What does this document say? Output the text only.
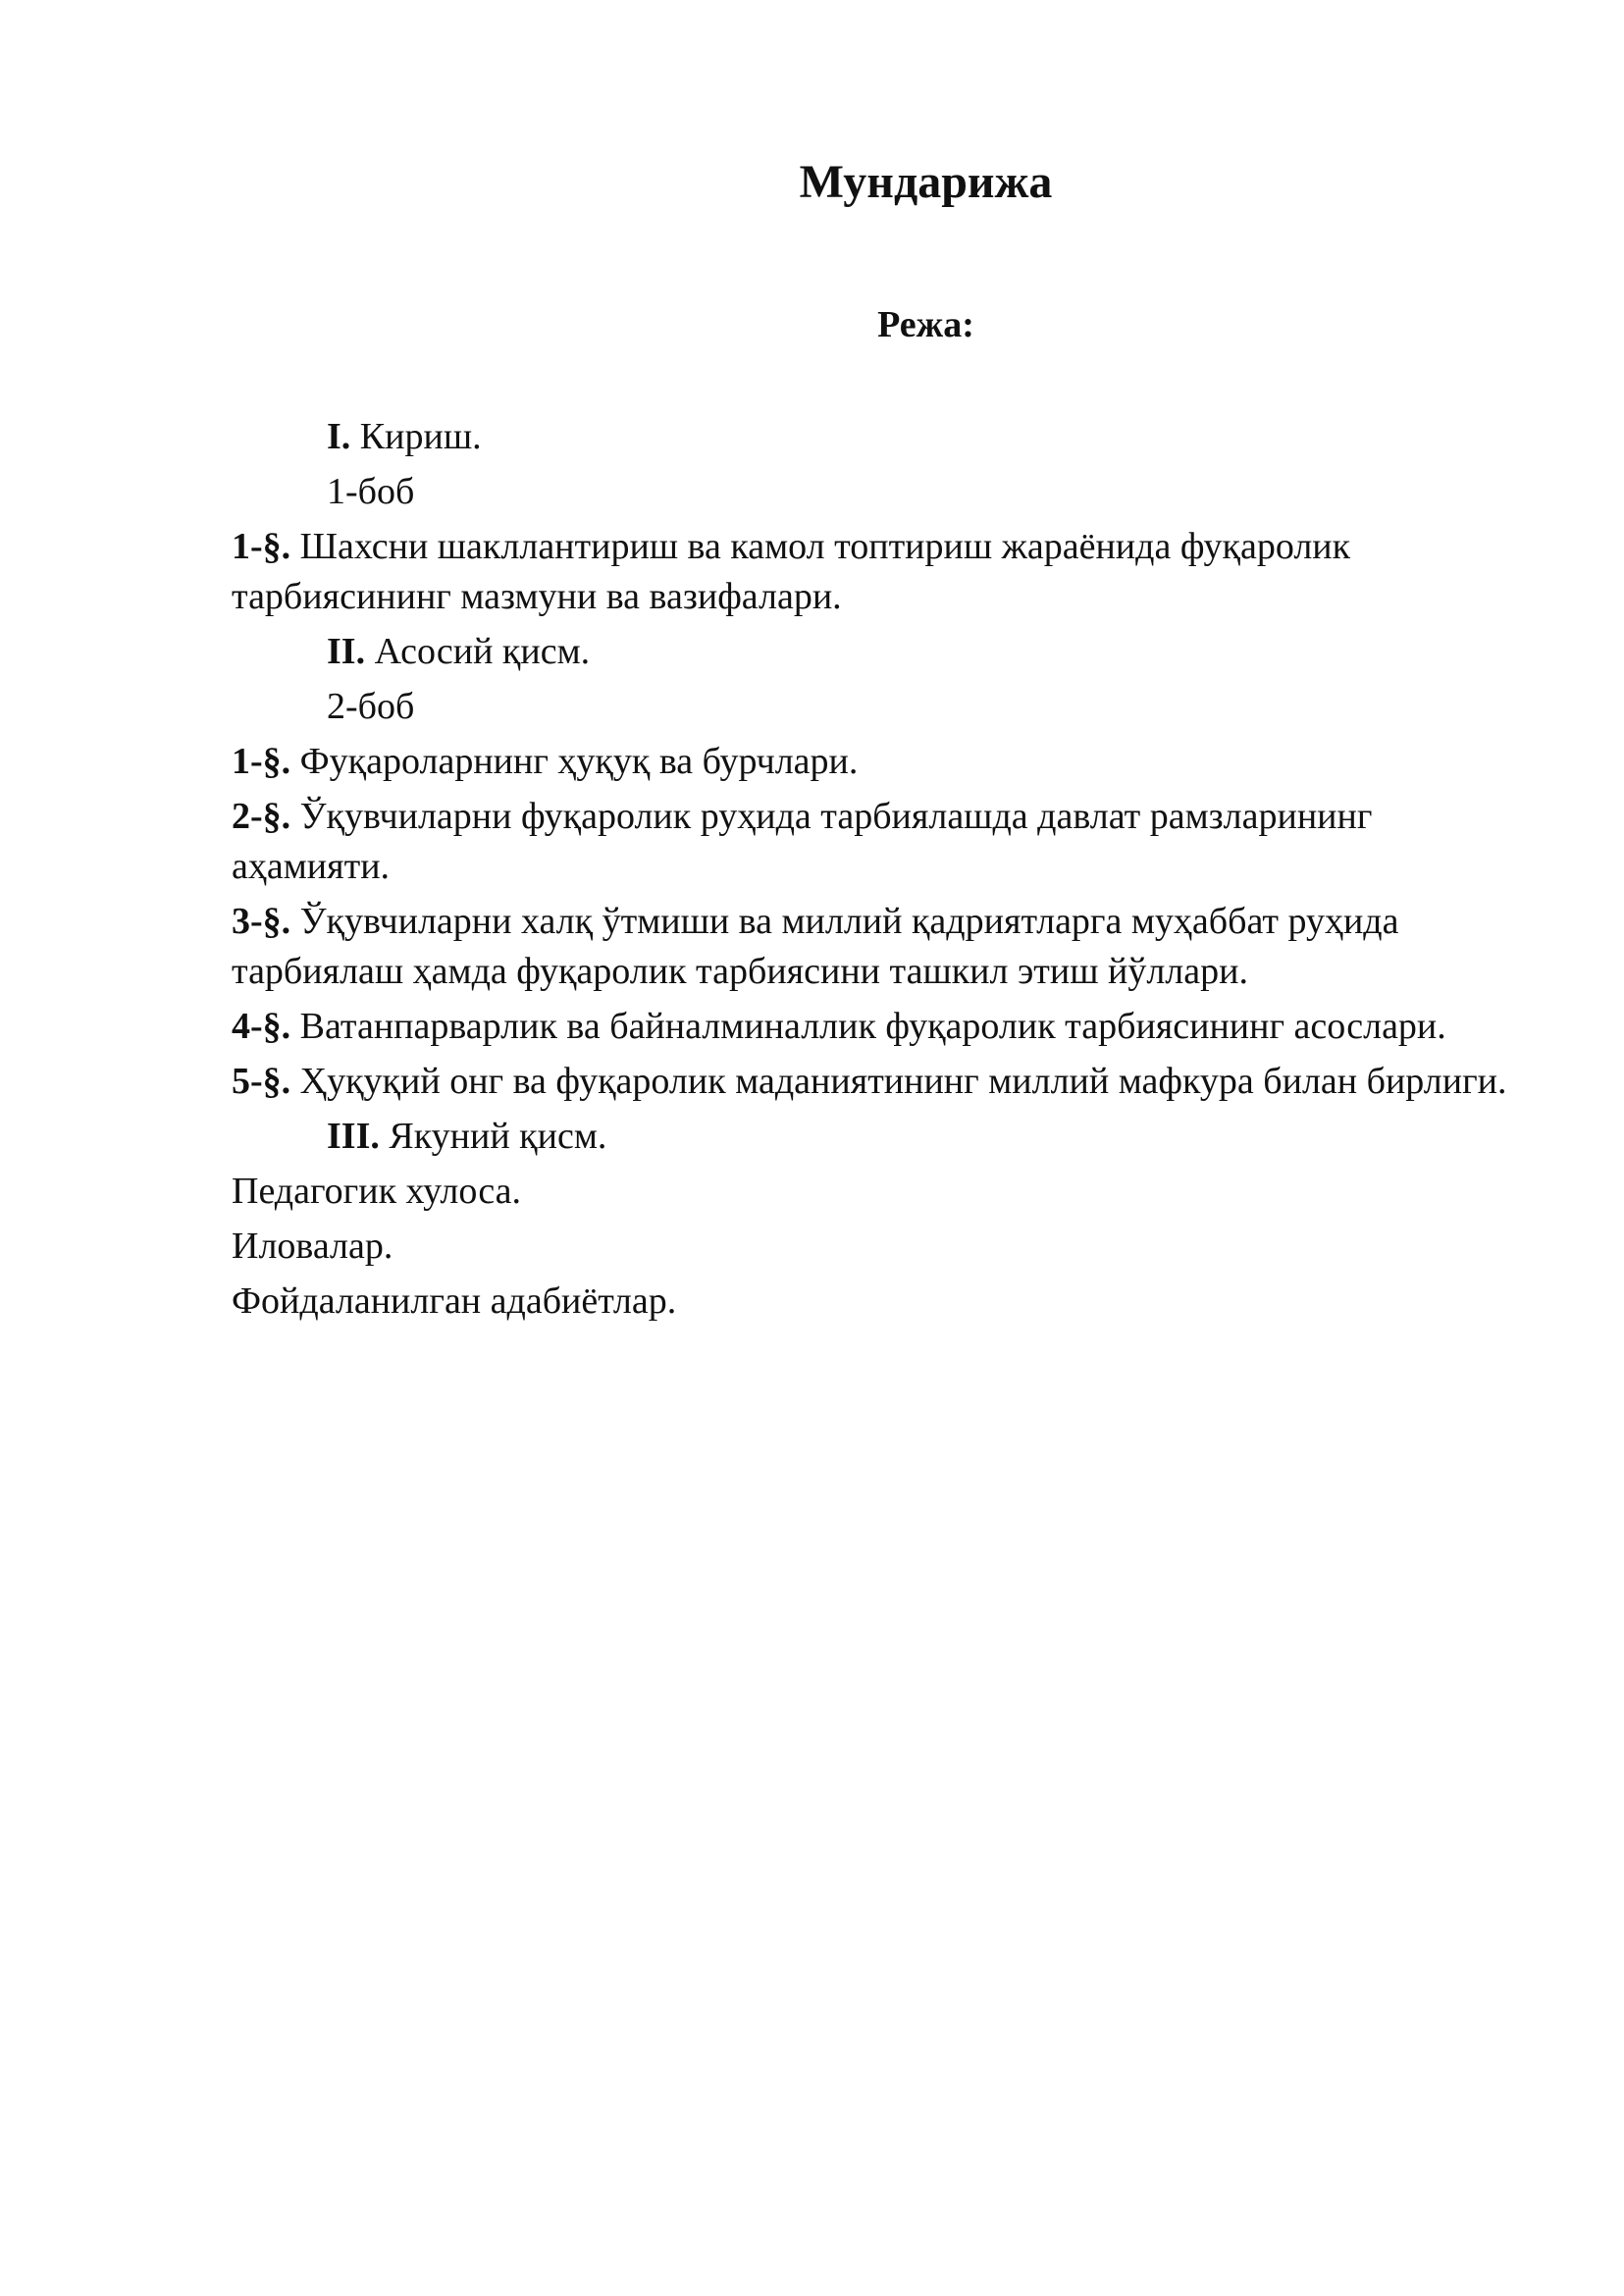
Мундарижа
Режа:
I. Кириш.
1-боб
1-§. Шахсни шакллантириш ва камол топтириш жараёнида фуқаролик тарбиясининг мазмуни ва вазифалари.
II. Асосий қисм.
2-боб
1-§. Фуқароларнинг ҳуқуқ ва бурчлари.
2-§. Ўқувчиларни фуқаролик руҳида тарбиялашда давлат рамзларининг аҳамияти.
3-§. Ўқувчиларни халқ ўтмиши ва миллий қадриятларга муҳаббат руҳида тарбиялаш ҳамда фуқаролик тарбиясини ташкил этиш йўллари.
4-§. Ватанпарварлик ва байналминаллик фуқаролик тарбиясининг асослари.
5-§. Ҳуқуқий онг ва фуқаролик маданиятининг миллий мафкура билан бирлиги.
III. Якуний қисм.
Педагогик хулоса.
Иловалар.
Фойдаланилган адабиётлар.
